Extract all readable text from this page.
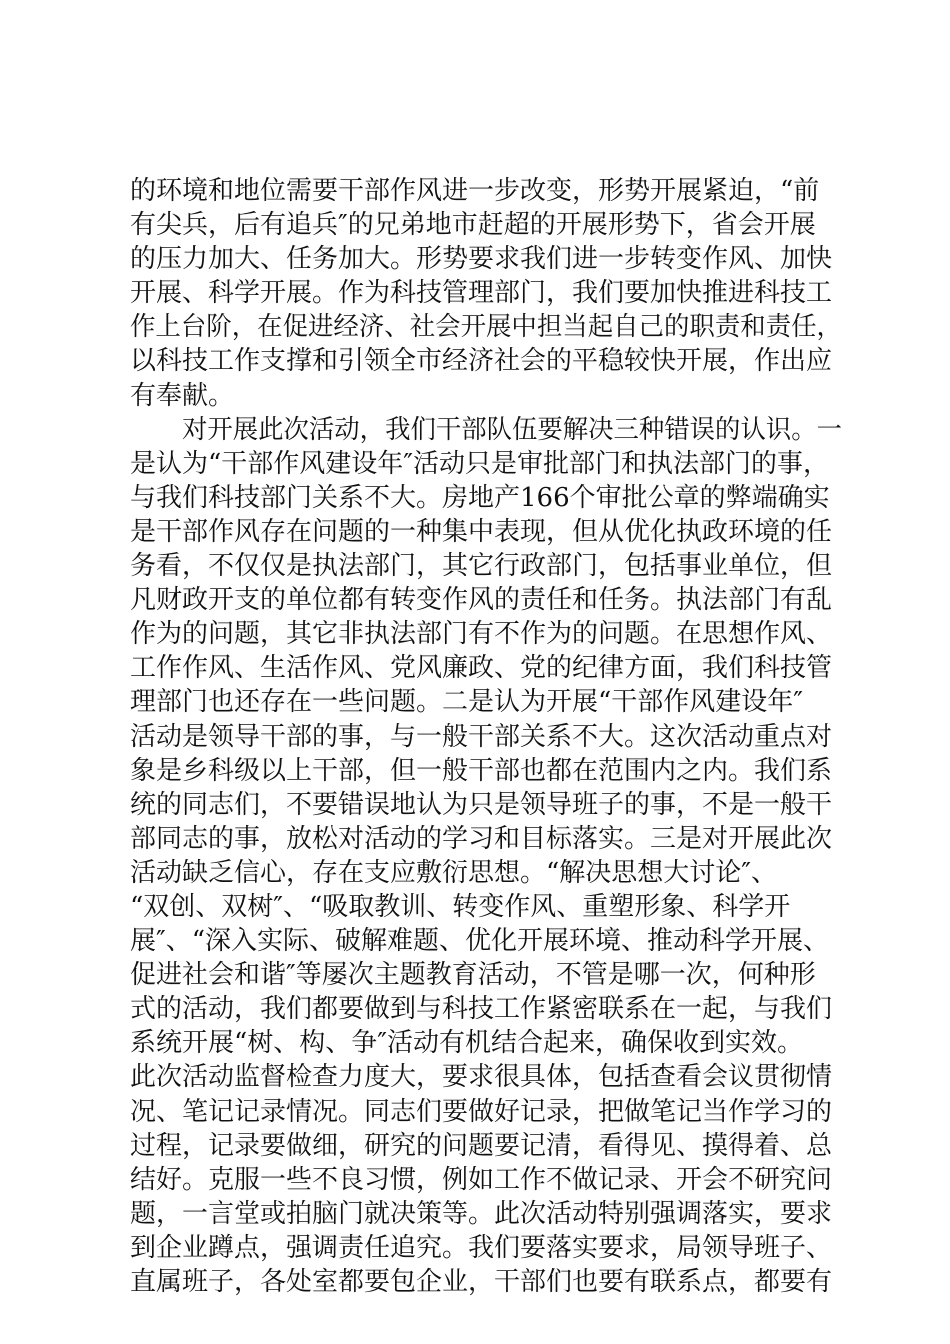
的环境和地位需要干部作风进一步改变，形势开展紧迫，“前
有尖兵，后有追兵″的兄弟地市赶超的开展形势下，省会开展
的压力加大、任务加大。形势要求我们进一步转变作风、加快
开展、科学开展。作为科技管理部门，我们要加快推进科技工
作上台阶，在促进经济、社会开展中担当起自己的职责和责任，
以科技工作支撑和引领全市经济社会的平稳较快开展，作出应
有奉献。
对开展此次活动，我们干部队伍要解决三种错误的认识。一
是认为“干部作风建设年″活动只是审批部门和执法部门的事，
与我们科技部门关系不大。房地产166个审批公章的弊端确实
是干部作风存在问题的一种集中表现，但从优化执政环境的任
务看，不仅仅是执法部门，其它行政部门，包括事业单位，但
凡财政开支的单位都有转变作风的责任和任务。执法部门有乱
作为的问题，其它非执法部门有不作为的问题。在思想作风、
工作作风、生活作风、党风廉政、党的纪律方面，我们科技管
理部门也还存在一些问题。二是认为开展“干部作风建设年″
活动是领导干部的事，与一般干部关系不大。这次活动重点对
象是乡科级以上干部，但一般干部也都在范围内之内。我们系
统的同志们，不要错误地认为只是领导班子的事，不是一般干
部同志的事，放松对活动的学习和目标落实。三是对开展此次
活动缺乏信心，存在支应敷衍思想。“解决思想大讨论″、
“双创、双树″、“吸取教训、转变作风、重塑形象、科学开
展″、“深入实际、破解难题、优化开展环境、推动科学开展、
促进社会和谐″等屡次主题教育活动，不管是哪一次，何种形
式的活动，我们都要做到与科技工作紧密联系在一起，与我们
系统开展“树、构、争″活动有机结合起来，确保收到实效。
此次活动监督检查力度大，要求很具体，包括查看会议贯彻情
况、笔记记录情况。同志们要做好记录，把做笔记当作学习的
过程，记录要做细，研究的问题要记清，看得见、摸得着、总
结好。克服一些不良习惯，例如工作不做记录、开会不研究问
题，一言堂或拍脑门就决策等。此次活动特别强调落实，要求
到企业蹲点，强调责任追究。我们要落实要求，局领导班子、
直属班子，各处室都要包企业，干部们也要有联系点，都要有
